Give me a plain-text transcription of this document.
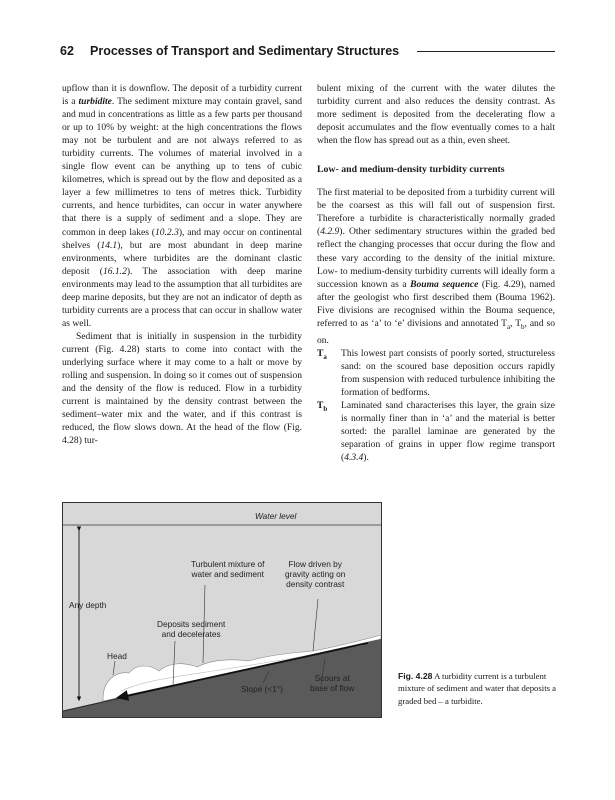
62 Processes of Transport and Sedimentary Structures

upflow than it is downflow. The deposit of a turbidity current is a turbidite. The sediment mixture may contain gravel, sand and mud in concentrations as little as a few parts per thousand or up to 10% by weight: at the high concentrations the flows may not be turbulent and are not always referred to as turbidity currents. The volumes of material involved in a single flow event can be anything up to tens of cubic kilometres, which is spread out by the flow and deposited as a layer a few millimetres to tens of metres thick. Turbidity currents, and hence turbidites, can occur in water anywhere that there is a supply of sediment and a slope. They are common in deep lakes (10.2.3), and may occur on continental shelves (14.1), but are most abundant in deep marine environments, where turbidites are the dominant clastic deposit (16.1.2). The association with deep marine environments may lead to the assumption that all turbidites are deep marine deposits, but they are not an indicator of depth as turbidity currents are a process that can occur in shallow water as well.

Sediment that is initially in suspension in the turbidity current (Fig. 4.28) starts to come into contact with the underlying surface where it may come to a halt or move by rolling and suspension. In doing so it comes out of suspension and the density of the flow is reduced. Flow in a turbidity current is maintained by the density contrast between the sediment–water mix and the water, and if this contrast is reduced, the flow slows down. At the head of the flow (Fig. 4.28) tur-

bulent mixing of the current with the water dilutes the turbidity current and also reduces the density contrast. As more sediment is deposited from the decelerating flow a deposit accumulates and the flow eventually comes to a halt when the flow has spread out as a thin, even sheet.

Low- and medium-density turbidity currents

The first material to be deposited from a turbidity current will be the coarsest as this will fall out of suspension first. Therefore a turbidite is characteristically normally graded (4.2.9). Other sedimentary structures within the graded bed reflect the changing processes that occur during the flow and these vary according to the density of the initial mixture. Low- to medium-density turbidity currents will ideally form a succession known as a Bouma sequence (Fig. 4.29), named after the geologist who first described them (Bouma 1962). Five divisions are recognised within the Bouma sequence, referred to as ‘a’ to ‘e’ divisions and annotated $T_a$, $T_b$, and so on.

$T_a$ This lowest part consists of poorly sorted, structureless sand: on the scoured base deposition occurs rapidly from suspension with reduced turbulence inhibiting the formation of bedforms.

$T_b$ Laminated sand characterises this layer, the grain size is normally finer than in ‘a’ and the material is better sorted: the parallel laminae are generated by the separation of grains in upper flow regime transport (4.3.4).

Water level
Turbulent mixture of
water and sediment
Flow driven by
gravity acting on
density contrast
Any depth
Deposits sediment
and decelerates
Head
Scours at
base of flow
Slope (<1°)
Fig. 4.28 A turbidity current is a turbulent mixture of sediment and water that deposits a graded bed – a turbidite.
